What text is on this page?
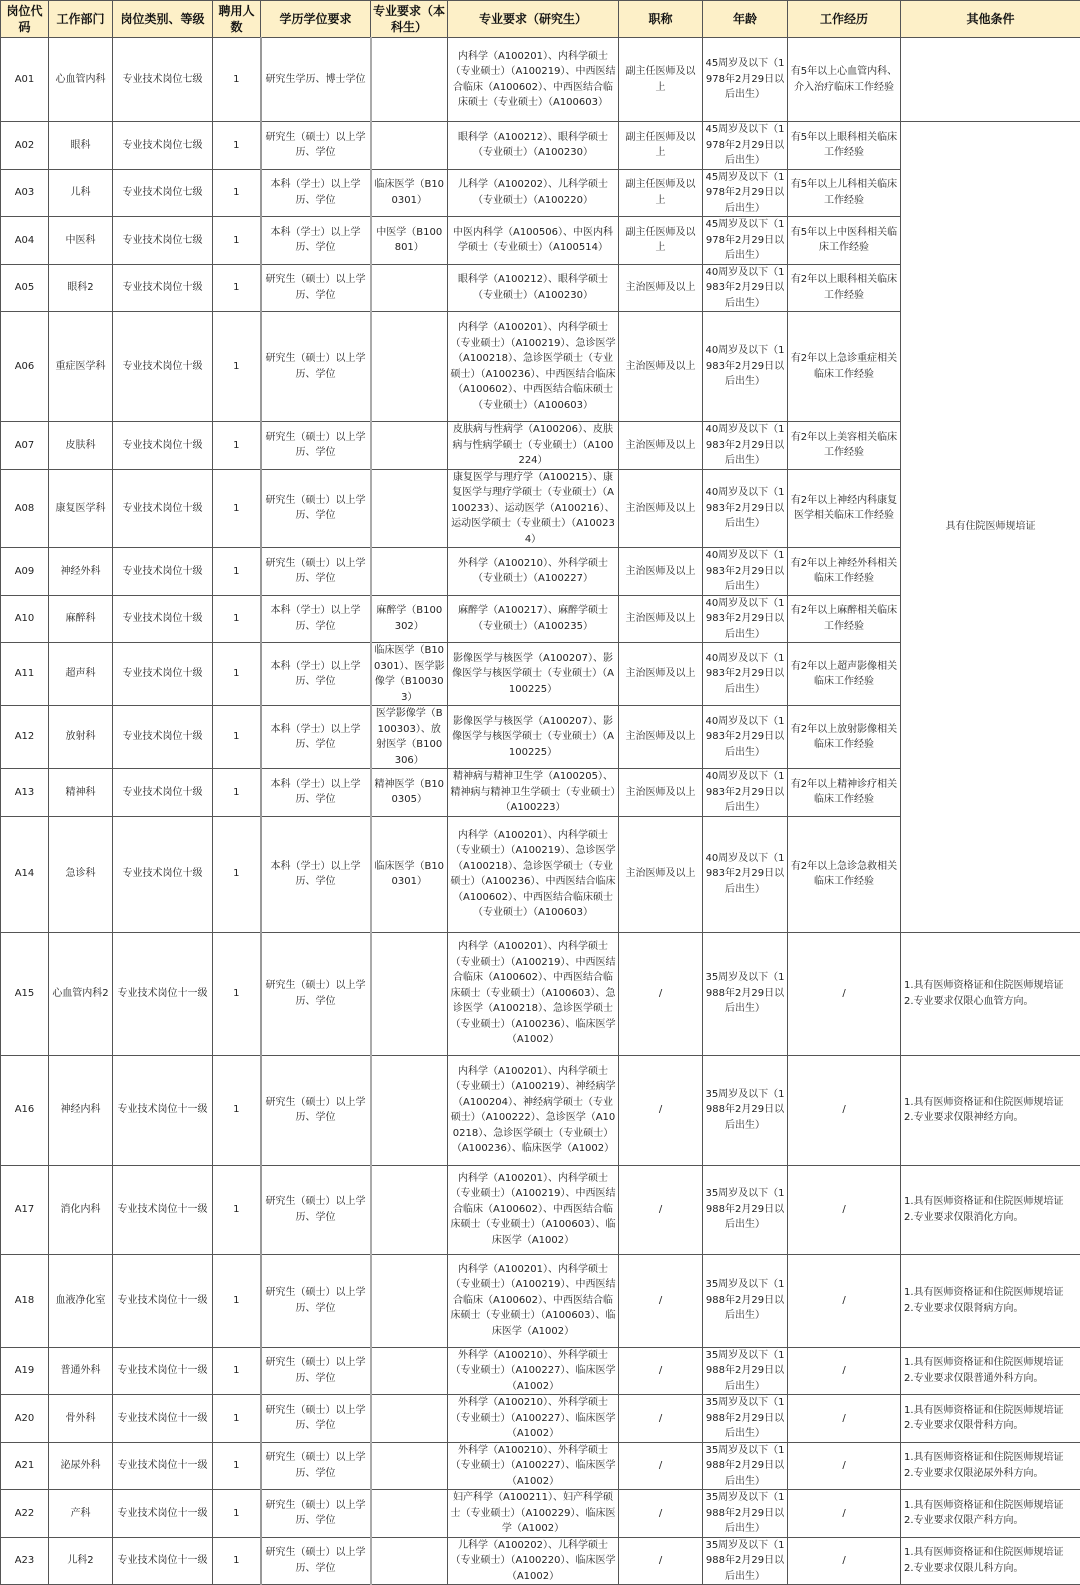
岗位代码	工作部门	岗位类别、等级	聘用人数	学历学位要求	专业要求（本科生）	专业要求（研究生）	职称	年龄	工作经历	其他条件
A01	心血管内科	专业技术岗位七级	1	研究生学历、博士学位		内科学（A100201）、内科学硕士（专业硕士）（A100219）、中西医结合临床（A100602）、中西医结合临床硕士（专业硕士）（A100603）	副主任医师及以上	45周岁及以下（1978年2月29日以后出生）	有5年以上心血管内科、介入治疗临床工作经验	
A02	眼科	专业技术岗位七级	1	研究生（硕士）以上学历、学位		眼科学（A100212）、眼科学硕士（专业硕士）（A100230）	副主任医师及以上	45周岁及以下（1978年2月29日以后出生）	有5年以上眼科相关临床工作经验	具有住院医师规培证
A03	儿科	专业技术岗位七级	1	本科（学士）以上学历、学位	临床医学（B100301）	儿科学（A100202）、儿科学硕士（专业硕士）（A100220）	副主任医师及以上	45周岁及以下（1978年2月29日以后出生）	有5年以上儿科相关临床工作经验	
A04	中医科	专业技术岗位七级	1	本科（学士）以上学历、学位	中医学（B100801）	中医内科学（A100506）、中医内科学硕士（专业硕士）（A100514）	副主任医师及以上	45周岁及以下（1978年2月29日以后出生）	有5年以上中医科相关临床工作经验	
A05	眼科2	专业技术岗位十级	1	研究生（硕士）以上学历、学位		眼科学（A100212）、眼科学硕士（专业硕士）（A100230）	主治医师及以上	40周岁及以下（1983年2月29日以后出生）	有2年以上眼科相关临床工作经验	
A06	重症医学科	专业技术岗位十级	1	研究生（硕士）以上学历、学位		内科学（A100201）、内科学硕士（专业硕士）（A100219）、急诊医学（A100218）、急诊医学硕士（专业硕士）（A100236）、中西医结合临床（A100602）、中西医结合临床硕士（专业硕士）（A100603）	主治医师及以上	40周岁及以下（1983年2月29日以后出生）	有2年以上急诊重症相关临床工作经验	
A07	皮肤科	专业技术岗位十级	1	研究生（硕士）以上学历、学位		皮肤病与性病学（A100206）、皮肤病与性病学硕士（专业硕士）（A100224）	主治医师及以上	40周岁及以下（1983年2月29日以后出生）	有2年以上美容相关临床工作经验	
A08	康复医学科	专业技术岗位十级	1	研究生（硕士）以上学历、学位		康复医学与理疗学（A100215）、康复医学与理疗学硕士（专业硕士）（A100233）、运动医学（A100216）、运动医学硕士（专业硕士）（A100234）	主治医师及以上	40周岁及以下（1983年2月29日以后出生）	有2年以上神经内科康复医学相关临床工作经验	
A09	神经外科	专业技术岗位十级	1	研究生（硕士）以上学历、学位		外科学（A100210）、外科学硕士（专业硕士）（A100227）	主治医师及以上	40周岁及以下（1983年2月29日以后出生）	有2年以上神经外科相关临床工作经验	
A10	麻醉科	专业技术岗位十级	1	本科（学士）以上学历、学位	麻醉学（B100302）	麻醉学（A100217）、麻醉学硕士（专业硕士）（A100235）	主治医师及以上	40周岁及以下（1983年2月29日以后出生）	有2年以上麻醉相关临床工作经验	
A11	超声科	专业技术岗位十级	1	本科（学士）以上学历、学位	临床医学（B100301）、医学影像学（B100303）	影像医学与核医学（A100207）、影像医学与核医学硕士（专业硕士）（A100225）	主治医师及以上	40周岁及以下（1983年2月29日以后出生）	有2年以上超声影像相关临床工作经验	
A12	放射科	专业技术岗位十级	1	本科（学士）以上学历、学位	医学影像学（B100303）、放射医学（B100306）	影像医学与核医学（A100207）、影像医学与核医学硕士（专业硕士）（A100225）	主治医师及以上	40周岁及以下（1983年2月29日以后出生）	有2年以上放射影像相关临床工作经验	
A13	精神科	专业技术岗位十级	1	本科（学士）以上学历、学位	精神医学（B100305）	精神病与精神卫生学（A100205）、精神病与精神卫生学硕士（专业硕士）（A100223）	主治医师及以上	40周岁及以下（1983年2月29日以后出生）	有2年以上精神诊疗相关临床工作经验	
A14	急诊科	专业技术岗位十级	1	本科（学士）以上学历、学位	临床医学（B100301）	内科学（A100201）、内科学硕士（专业硕士）（A100219）、急诊医学（A100218）、急诊医学硕士（专业硕士）（A100236）、中西医结合临床（A100602）、中西医结合临床硕士（专业硕士）（A100603）	主治医师及以上	40周岁及以下（1983年2月29日以后出生）	有2年以上急诊急救相关临床工作经验	
A15	心血管内科2	专业技术岗位十一级	1	研究生（硕士）以上学历、学位		内科学（A100201）、内科学硕士（专业硕士）（A100219）、中西医结合临床（A100602）、中西医结合临床硕士（专业硕士）（A100603）、急诊医学（A100218）、急诊医学硕士（专业硕士）（A100236）、临床医学（A1002）	/	35周岁及以下（1988年2月29日以后出生）	/	1.具有医师资格证和住院医师规培证
2.专业要求仅限心血管方向。

A16	神经内科	专业技术岗位十一级	1	研究生（硕士）以上学历、学位		内科学（A100201）、内科学硕士（专业硕士）（A100219）、神经病学（A100204）、神经病学硕士（专业硕士）（A100222）、急诊医学（A100218）、急诊医学硕士（专业硕士）（A100236）、临床医学（A1002）	/	35周岁及以下（1988年2月29日以后出生）	/	1.具有医师资格证和住院医师规培证
2.专业要求仅限神经方向。

A17	消化内科	专业技术岗位十一级	1	研究生（硕士）以上学历、学位		内科学（A100201）、内科学硕士（专业硕士）（A100219）、中西医结合临床（A100602）、中西医结合临床硕士（专业硕士）（A100603）、临床医学（A1002）	/	35周岁及以下（1988年2月29日以后出生）	/	1.具有医师资格证和住院医师规培证
2.专业要求仅限消化方向。

A18	血液净化室	专业技术岗位十一级	1	研究生（硕士）以上学历、学位		内科学（A100201）、内科学硕士（专业硕士）（A100219）、中西医结合临床（A100602）、中西医结合临床硕士（专业硕士）（A100603）、临床医学（A1002）	/	35周岁及以下（1988年2月29日以后出生）	/	1.具有医师资格证和住院医师规培证
2.专业要求仅限肾病方向。

A19	普通外科	专业技术岗位十一级	1	研究生（硕士）以上学历、学位		外科学（A100210）、外科学硕士（专业硕士）（A100227）、临床医学（A1002）	/	35周岁及以下（1988年2月29日以后出生）	/	1.具有医师资格证和住院医师规培证
2.专业要求仅限普通外科方向。

A20	骨外科	专业技术岗位十一级	1	研究生（硕士）以上学历、学位		外科学（A100210）、外科学硕士（专业硕士）（A100227）、临床医学（A1002）	/	35周岁及以下（1988年2月29日以后出生）	/	1.具有医师资格证和住院医师规培证
2.专业要求仅限骨科方向。

A21	泌尿外科	专业技术岗位十一级	1	研究生（硕士）以上学历、学位		外科学（A100210）、外科学硕士（专业硕士）（A100227）、临床医学（A1002）	/	35周岁及以下（1988年2月29日以后出生）	/	1.具有医师资格证和住院医师规培证
2.专业要求仅限泌尿外科方向。

A22	产科	专业技术岗位十一级	1	研究生（硕士）以上学历、学位		妇产科学（A100211）、妇产科学硕士（专业硕士）（A100229）、临床医学（A1002）	/	35周岁及以下（1988年2月29日以后出生）	/	1.具有医师资格证和住院医师规培证
2.专业要求仅限产科方向。

A23	儿科2	专业技术岗位十一级	1	研究生（硕士）以上学历、学位		儿科学（A100202）、儿科学硕士（专业硕士）（A100220）、临床医学（A1002）	/	35周岁及以下（1988年2月29日以后出生）	/	1.具有医师资格证和住院医师规培证
2.专业要求仅限儿科方向。
